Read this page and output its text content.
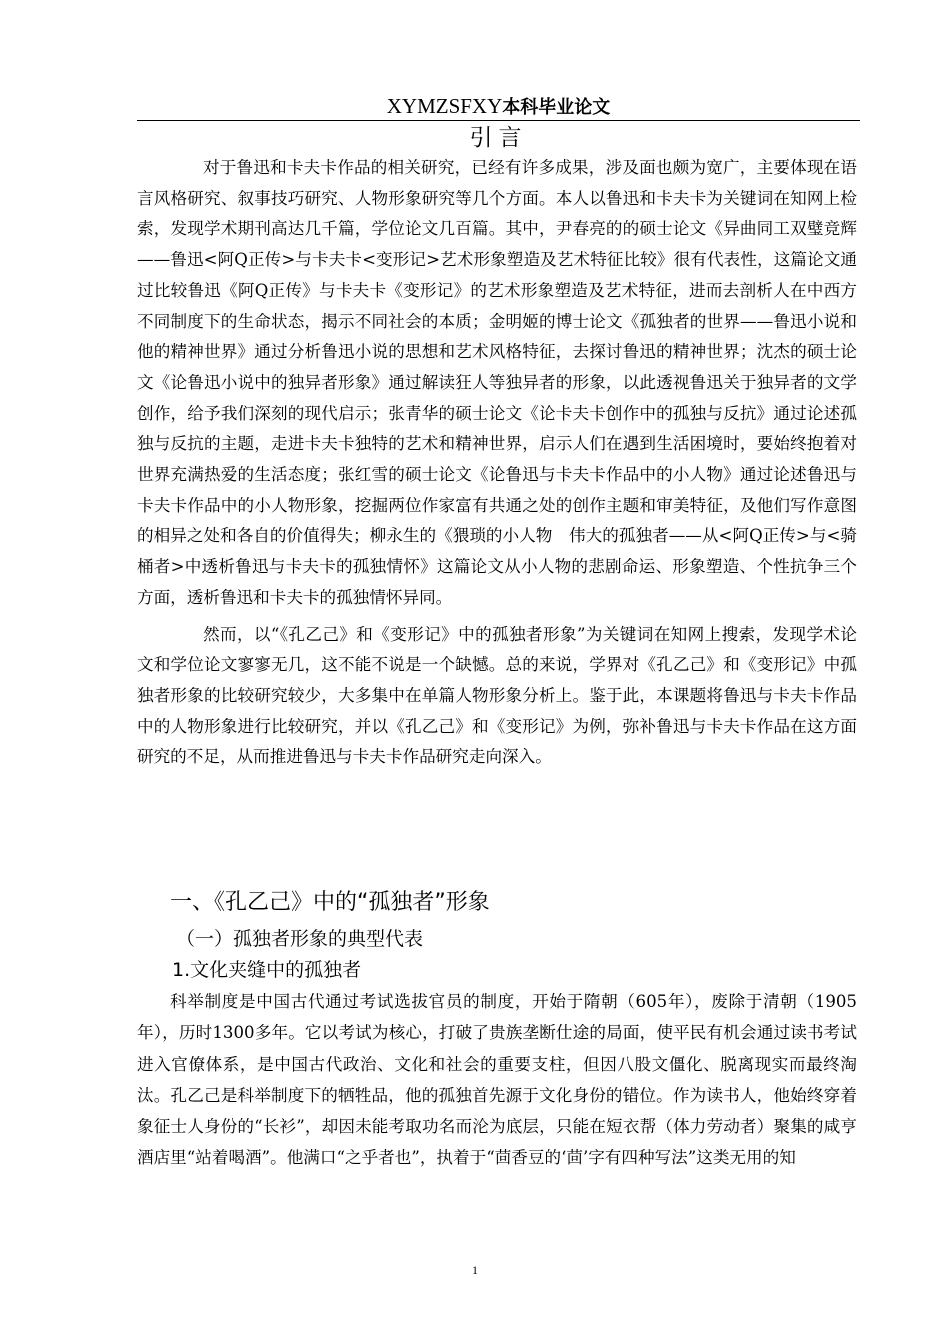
XYMZSFXY本科毕业论文
引言

对于鲁迅和卡夫卡作品的相关研究，已经有许多成果，涉及面也颇为宽广，主要体现在语言风格研究、叙事技巧研究、人物形象研究等几个方面。本人以鲁迅和卡夫卡为关键词在知网上检索，发现学术期刊高达几千篇，学位论文几百篇。其中，尹春亮的的硕士论文《异曲同工双璧竞辉——鲁迅<阿Q正传>与卡夫卡<变形记>艺术形象塑造及艺术特征比较》很有代表性，这篇论文通过比较鲁迅《阿Q正传》与卡夫卡《变形记》的艺术形象塑造及艺术特征，进而去剖析人在中西方不同制度下的生命状态，揭示不同社会的本质；金明姬的博士论文《孤独者的世界——鲁迅小说和他的精神世界》通过分析鲁迅小说的思想和艺术风格特征，去探讨鲁迅的精神世界；沈杰的硕士论文《论鲁迅小说中的独异者形象》通过解读狂人等独异者的形象，以此透视鲁迅关于独异者的文学创作，给予我们深刻的现代启示；张青华的硕士论文《论卡夫卡创作中的孤独与反抗》通过论述孤独与反抗的主题，走进卡夫卡独特的艺术和精神世界，启示人们在遇到生活困境时，要始终抱着对世界充满热爱的生活态度；张红雪的硕士论文《论鲁迅与卡夫卡作品中的小人物》通过论述鲁迅与卡夫卡作品中的小人物形象，挖掘两位作家富有共通之处的创作主题和审美特征，及他们写作意图的相异之处和各自的价值得失；柳永生的《猥琐的小人物　伟大的孤独者——从<阿Q正传>与<骑桶者>中透析鲁迅与卡夫卡的孤独情怀》这篇论文从小人物的悲剧命运、形象塑造、个性抗争三个方面，透析鲁迅和卡夫卡的孤独情怀异同。

然而，以“《孔乙己》和《变形记》中的孤独者形象”为关键词在知网上搜索，发现学术论文和学位论文寥寥无几，这不能不说是一个缺憾。总的来说，学界对《孔乙己》和《变形记》中孤独者形象的比较研究较少，大多集中在单篇人物形象分析上。鉴于此，本课题将鲁迅与卡夫卡作品中的人物形象进行比较研究，并以《孔乙己》和《变形记》为例，弥补鲁迅与卡夫卡作品在这方面研究的不足，从而推进鲁迅与卡夫卡作品研究走向深入。

一、《孔乙己》中的“孤独者”形象
（一）孤独者形象的典型代表
1.文化夹缝中的孤独者

科举制度是中国古代通过考试选拔官员的制度，开始于隋朝（605年），废除于清朝（1905年），历时1300多年。它以考试为核心，打破了贵族垄断仕途的局面，使平民有机会通过读书考试进入官僚体系，是中国古代政治、文化和社会的重要支柱，但因八股文僵化、脱离现实而最终淘汰。孔乙己是科举制度下的牺牲品，他的孤独首先源于文化身份的错位。作为读书人，他始终穿着象征士人身份的“长衫”，却因未能考取功名而沦为底层，只能在短衣帮（体力劳动者）聚集的咸亨酒店里“站着喝酒”。他满口“之乎者也”，执着于“茴香豆的‘茴’字有四种写法”这类无用的知

1
